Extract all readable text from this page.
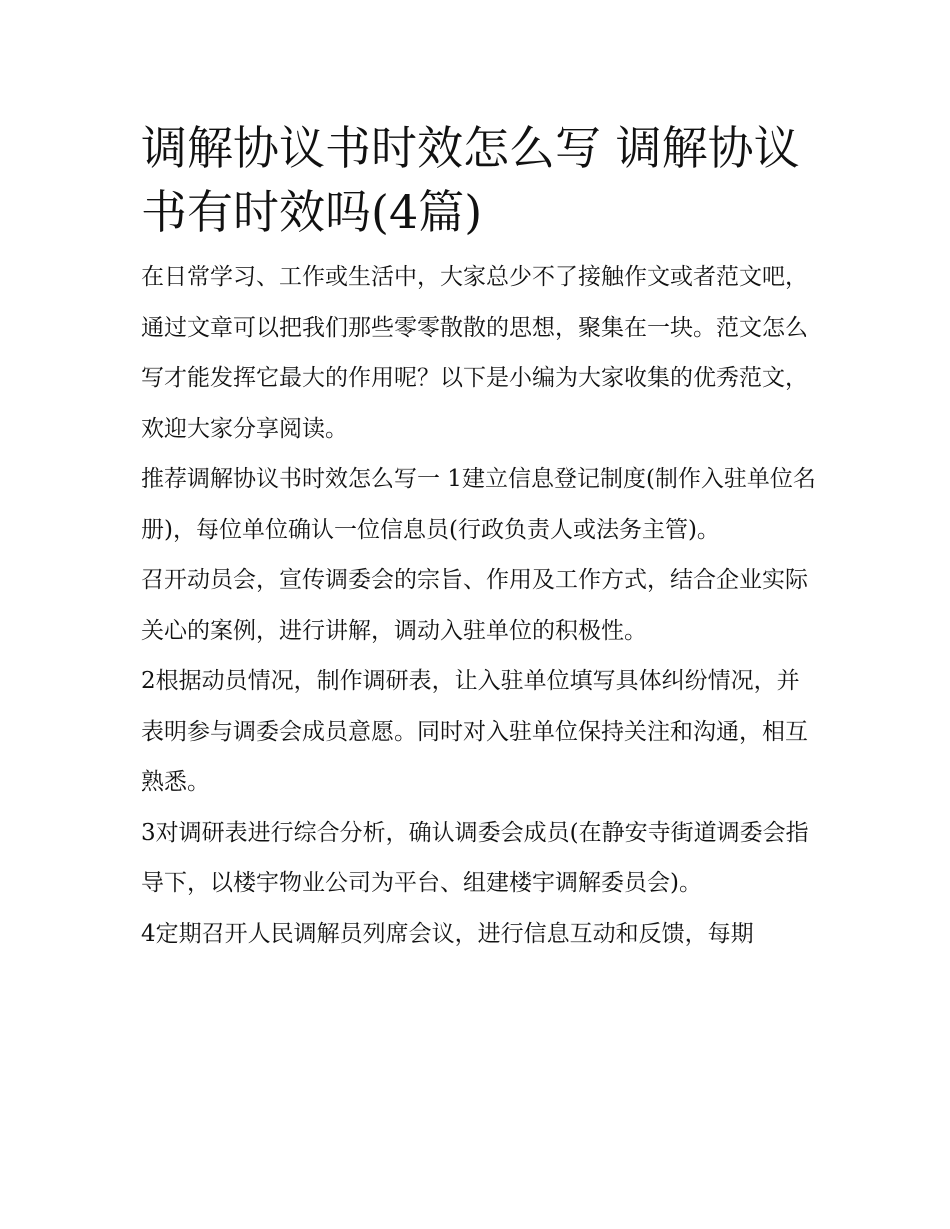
调解协议书时效怎么写 调解协议书有时效吗(4篇)

在日常学习、工作或生活中，大家总少不了接触作文或者范文吧，通过文章可以把我们那些零零散散的思想，聚集在一块。范文怎么写才能发挥它最大的作用呢？以下是小编为大家收集的优秀范文，欢迎大家分享阅读。

推荐调解协议书时效怎么写一 1建立信息登记制度(制作入驻单位名册)，每位单位确认一位信息员(行政负责人或法务主管)。

召开动员会，宣传调委会的宗旨、作用及工作方式，结合企业实际关心的案例，进行讲解，调动入驻单位的积极性。

2根据动员情况，制作调研表，让入驻单位填写具体纠纷情况，并表明参与调委会成员意愿。同时对入驻单位保持关注和沟通，相互熟悉。

3对调研表进行综合分析，确认调委会成员(在静安寺街道调委会指导下，以楼宇物业公司为平台、组建楼宇调解委员会)。

4定期召开人民调解员列席会议，进行信息互动和反馈，每期
